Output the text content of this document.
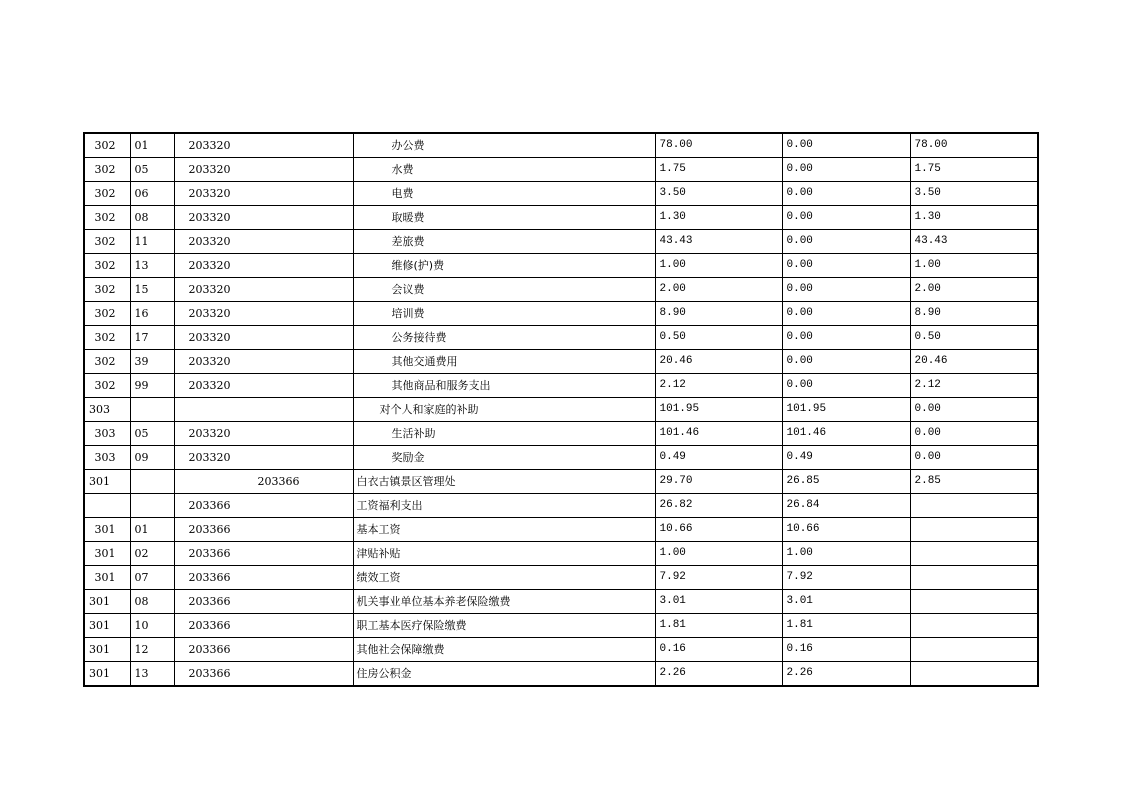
302	01	203320	办公费	78.00	0.00	78.00
302	05	203320	水费	1.75	0.00	1.75
302	06	203320	电费	3.50	0.00	3.50
302	08	203320	取暖费	1.30	0.00	1.30
302	11	203320	差旅费	43.43	0.00	43.43
302	13	203320	维修(护)费	1.00	0.00	1.00
302	15	203320	会议费	2.00	0.00	2.00
302	16	203320	培训费	8.90	0.00	8.90
302	17	203320	公务接待费	0.50	0.00	0.50
302	39	203320	其他交通费用	20.46	0.00	20.46
302	99	203320	其他商品和服务支出	2.12	0.00	2.12
303			对个人和家庭的补助	101.95	101.95	0.00
303	05	203320	生活补助	101.46	101.46	0.00
303	09	203320	奖励金	0.49	0.49	0.00
301		203366	白衣古镇景区管理处	29.70	26.85	2.85
		203366	工资福利支出	26.82	26.84	
301	01	203366	基本工资	10.66	10.66	
301	02	203366	津贴补贴	1.00	1.00	
301	07	203366	绩效工资	7.92	7.92	
301	08	203366	机关事业单位基本养老保险缴费	3.01	3.01	
301	10	203366	职工基本医疗保险缴费	1.81	1.81	
301	12	203366	其他社会保障缴费	0.16	0.16	
301	13	203366	住房公积金	2.26	2.26	
